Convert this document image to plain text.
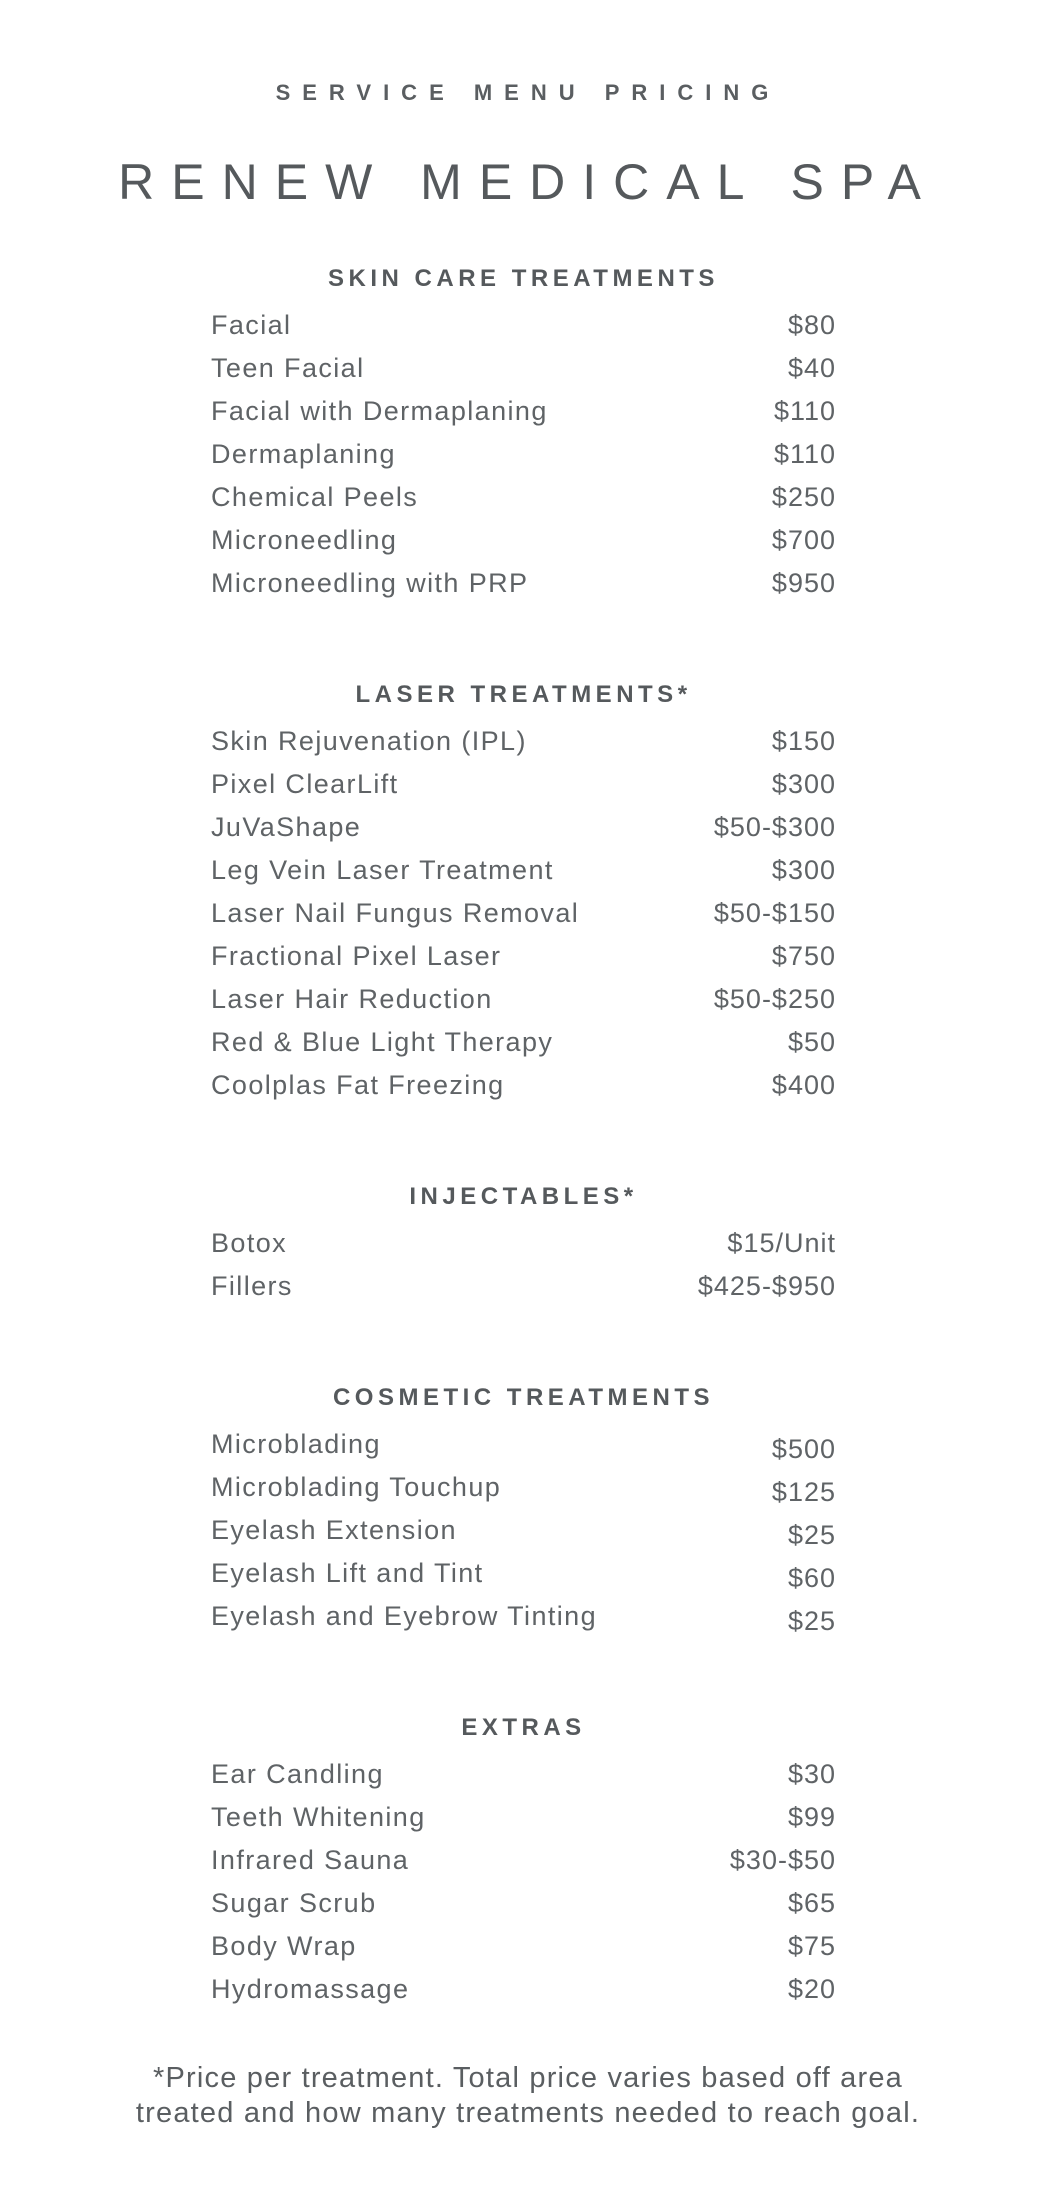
SERVICE MENU PRICING
RENEW MEDICAL SPA
SKIN CARE TREATMENTS
Facial	$80
Teen Facial	$40
Facial with Dermaplaning	$110
Dermaplaning	$110
Chemical Peels	$250
Microneedling	$700
Microneedling with PRP	$950
LASER TREATMENTS*
Skin Rejuvenation (IPL)	$150
Pixel ClearLift	$300
JuVaShape	$50-$300
Leg Vein Laser Treatment	$300
Laser Nail Fungus Removal	$50-$150
Fractional Pixel Laser	$750
Laser Hair Reduction	$50-$250
Red & Blue Light Therapy	$50
Coolplas Fat Freezing	$400
INJECTABLES*
Botox	$15/Unit
Fillers	$425-$950
COSMETIC TREATMENTS
Microblading	$500
Microblading Touchup	$125
Eyelash Extension	$25
Eyelash Lift and Tint	$60
Eyelash and Eyebrow Tinting	$25
EXTRAS
Ear Candling	$30
Teeth Whitening	$99
Infrared Sauna	$30-$50
Sugar Scrub	$65
Body Wrap	$75
Hydromassage	$20
*Price per treatment. Total price varies based off area
treated and how many treatments needed to reach goal.
